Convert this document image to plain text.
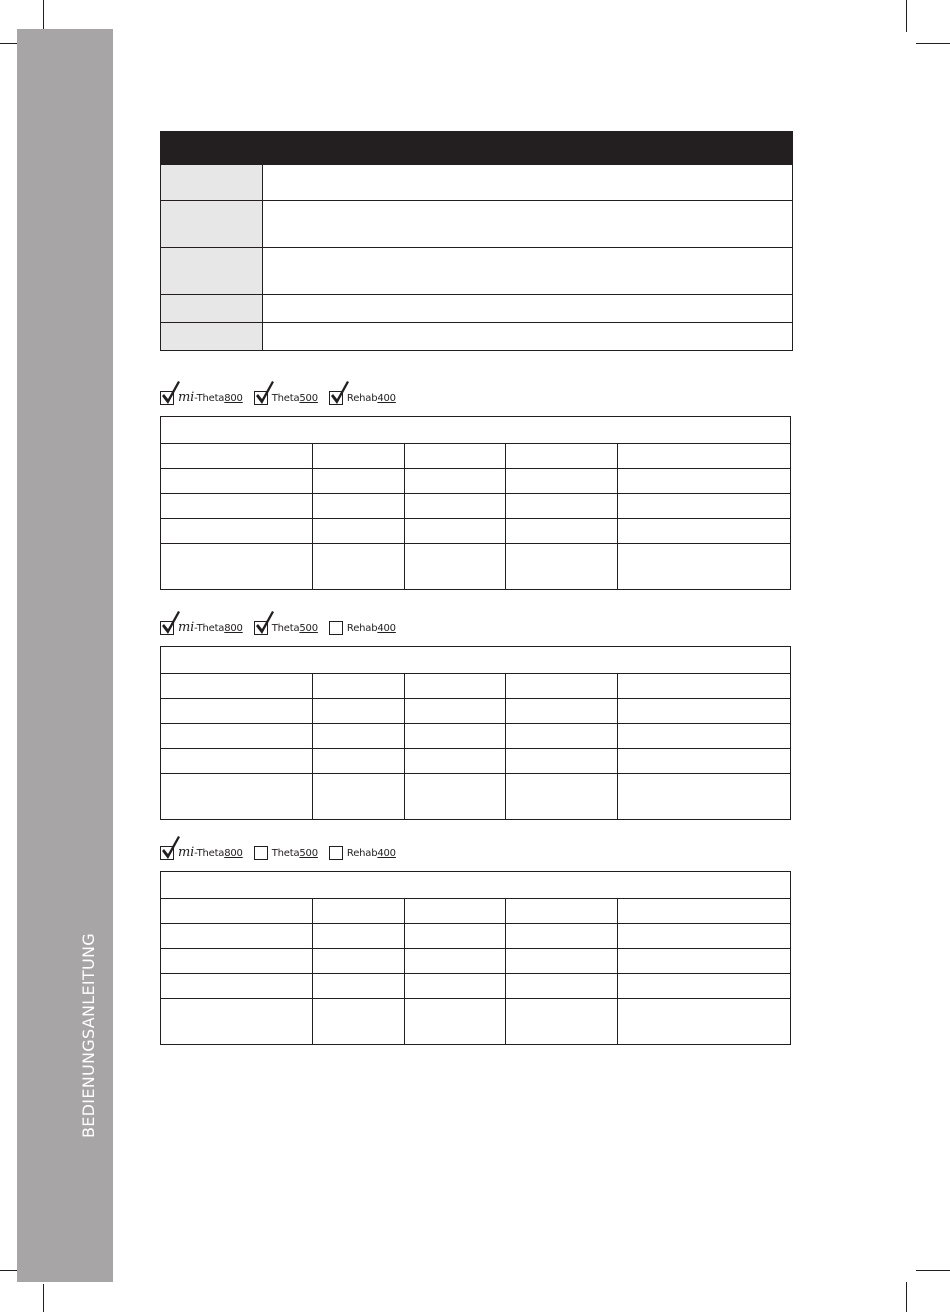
BEDIENUNGSANLEITUNG
mi-Theta800	Theta500	Rehab400
mi-Theta800	Theta500	Rehab400
mi-Theta800	Theta500	Rehab400
